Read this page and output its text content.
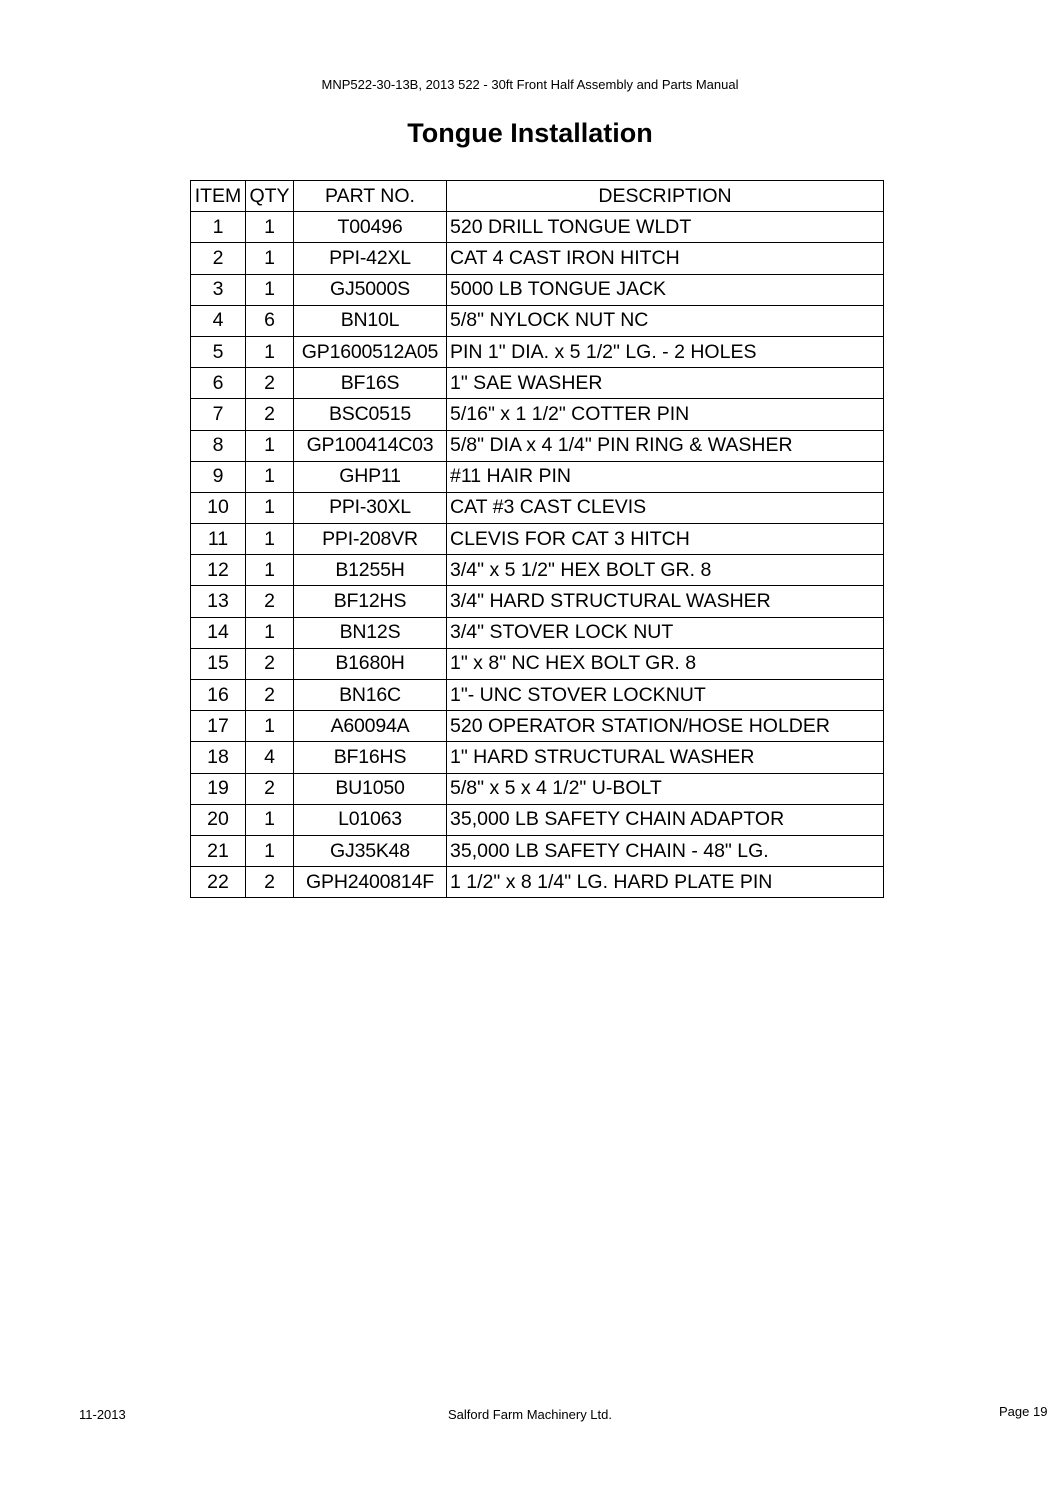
MNP522-30-13B, 2013 522 - 30ft Front Half Assembly and Parts Manual
Tongue Installation
ITEM	QTY	PART NO.	DESCRIPTION
1	1	T00496	520 DRILL TONGUE WLDT
2	1	PPI-42XL	CAT 4 CAST IRON HITCH
3	1	GJ5000S	5000 LB TONGUE JACK
4	6	BN10L	5/8" NYLOCK NUT NC
5	1	GP1600512A05	PIN 1" DIA. x 5 1/2" LG. - 2 HOLES
6	2	BF16S	1" SAE WASHER
7	2	BSC0515	5/16" x 1 1/2" COTTER PIN
8	1	GP100414C03	5/8" DIA x 4 1/4" PIN RING & WASHER
9	1	GHP11	#11 HAIR PIN
10	1	PPI-30XL	CAT #3 CAST CLEVIS
11	1	PPI-208VR	CLEVIS FOR CAT 3 HITCH
12	1	B1255H	3/4" x 5 1/2" HEX BOLT GR. 8
13	2	BF12HS	3/4" HARD STRUCTURAL WASHER
14	1	BN12S	3/4" STOVER LOCK NUT
15	2	B1680H	1" x 8" NC HEX BOLT GR. 8
16	2	BN16C	1"- UNC STOVER LOCKNUT
17	1	A60094A	520 OPERATOR STATION/HOSE HOLDER
18	4	BF16HS	1" HARD STRUCTURAL WASHER
19	2	BU1050	5/8" x 5 x 4 1/2" U-BOLT
20	1	L01063	35,000 LB SAFETY CHAIN ADAPTOR
21	1	GJ35K48	35,000 LB SAFETY CHAIN - 48" LG.
22	2	GPH2400814F	1 1/2" x 8 1/4" LG. HARD PLATE PIN
11-2013	Salford Farm Machinery Ltd.	Page 19
